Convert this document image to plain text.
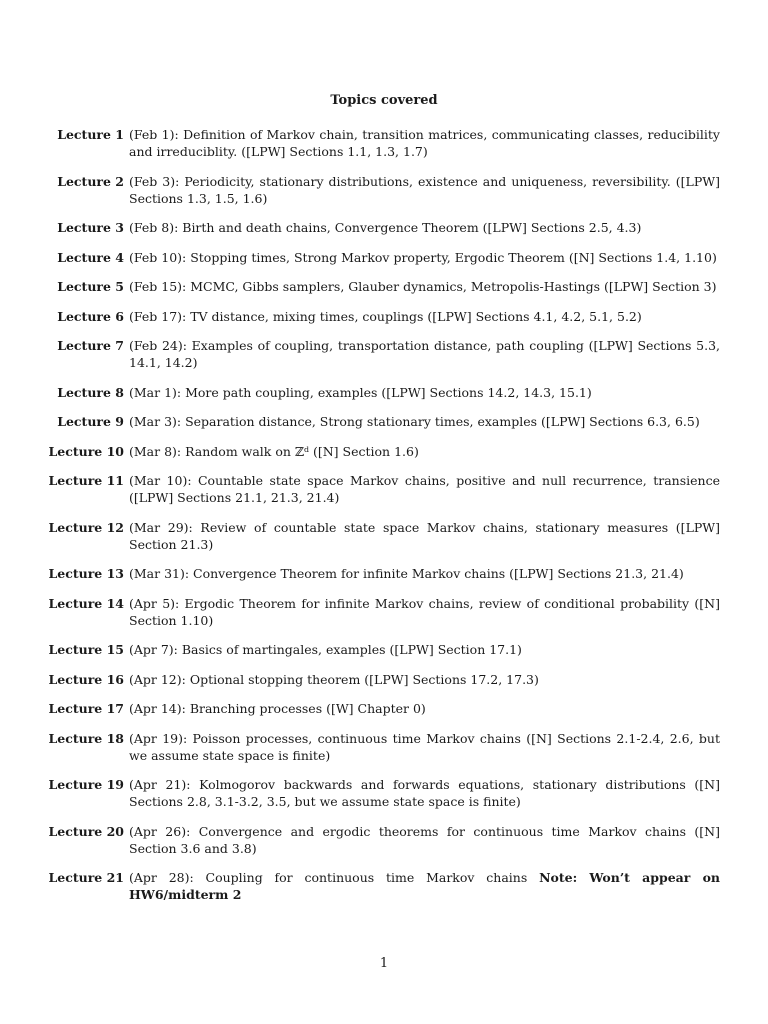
Topics covered
Lecture 1 (Feb 1): Definition of Markov chain, transition matrices, communicating classes, reducibility and irreduciblity. ([LPW] Sections 1.1, 1.3, 1.7)
Lecture 2 (Feb 3): Periodicity, stationary distributions, existence and uniqueness, reversibility. ([LPW] Sections 1.3, 1.5, 1.6)
Lecture 3 (Feb 8): Birth and death chains, Convergence Theorem ([LPW] Sections 2.5, 4.3)
Lecture 4 (Feb 10): Stopping times, Strong Markov property, Ergodic Theorem ([N] Sections 1.4, 1.10)
Lecture 5 (Feb 15): MCMC, Gibbs samplers, Glauber dynamics, Metropolis-Hastings ([LPW] Section 3)
Lecture 6 (Feb 17): TV distance, mixing times, couplings ([LPW] Sections 4.1, 4.2, 5.1, 5.2)
Lecture 7 (Feb 24): Examples of coupling, transportation distance, path coupling ([LPW] Sections 5.3, 14.1, 14.2)
Lecture 8 (Mar 1): More path coupling, examples ([LPW] Sections 14.2, 14.3, 15.1)
Lecture 9 (Mar 3): Separation distance, Strong stationary times, examples ([LPW] Sections 6.3, 6.5)
Lecture 10 (Mar 8): Random walk on ℤᵈ ([N] Section 1.6)
Lecture 11 (Mar 10): Countable state space Markov chains, positive and null recurrence, transience ([LPW] Sections 21.1, 21.3, 21.4)
Lecture 12 (Mar 29): Review of countable state space Markov chains, stationary measures ([LPW] Section 21.3)
Lecture 13 (Mar 31): Convergence Theorem for infinite Markov chains ([LPW] Sections 21.3, 21.4)
Lecture 14 (Apr 5): Ergodic Theorem for infinite Markov chains, review of conditional probability ([N] Section 1.10)
Lecture 15 (Apr 7): Basics of martingales, examples ([LPW] Section 17.1)
Lecture 16 (Apr 12): Optional stopping theorem ([LPW] Sections 17.2, 17.3)
Lecture 17 (Apr 14): Branching processes ([W] Chapter 0)
Lecture 18 (Apr 19): Poisson processes, continuous time Markov chains ([N] Sections 2.1-2.4, 2.6, but we assume state space is finite)
Lecture 19 (Apr 21): Kolmogorov backwards and forwards equations, stationary distributions ([N] Sections 2.8, 3.1-3.2, 3.5, but we assume state space is finite)
Lecture 20 (Apr 26): Convergence and ergodic theorems for continuous time Markov chains ([N] Section 3.6 and 3.8)
Lecture 21 (Apr 28): Coupling for continuous time Markov chains Note: Won’t appear on HW6/midterm 2
1
